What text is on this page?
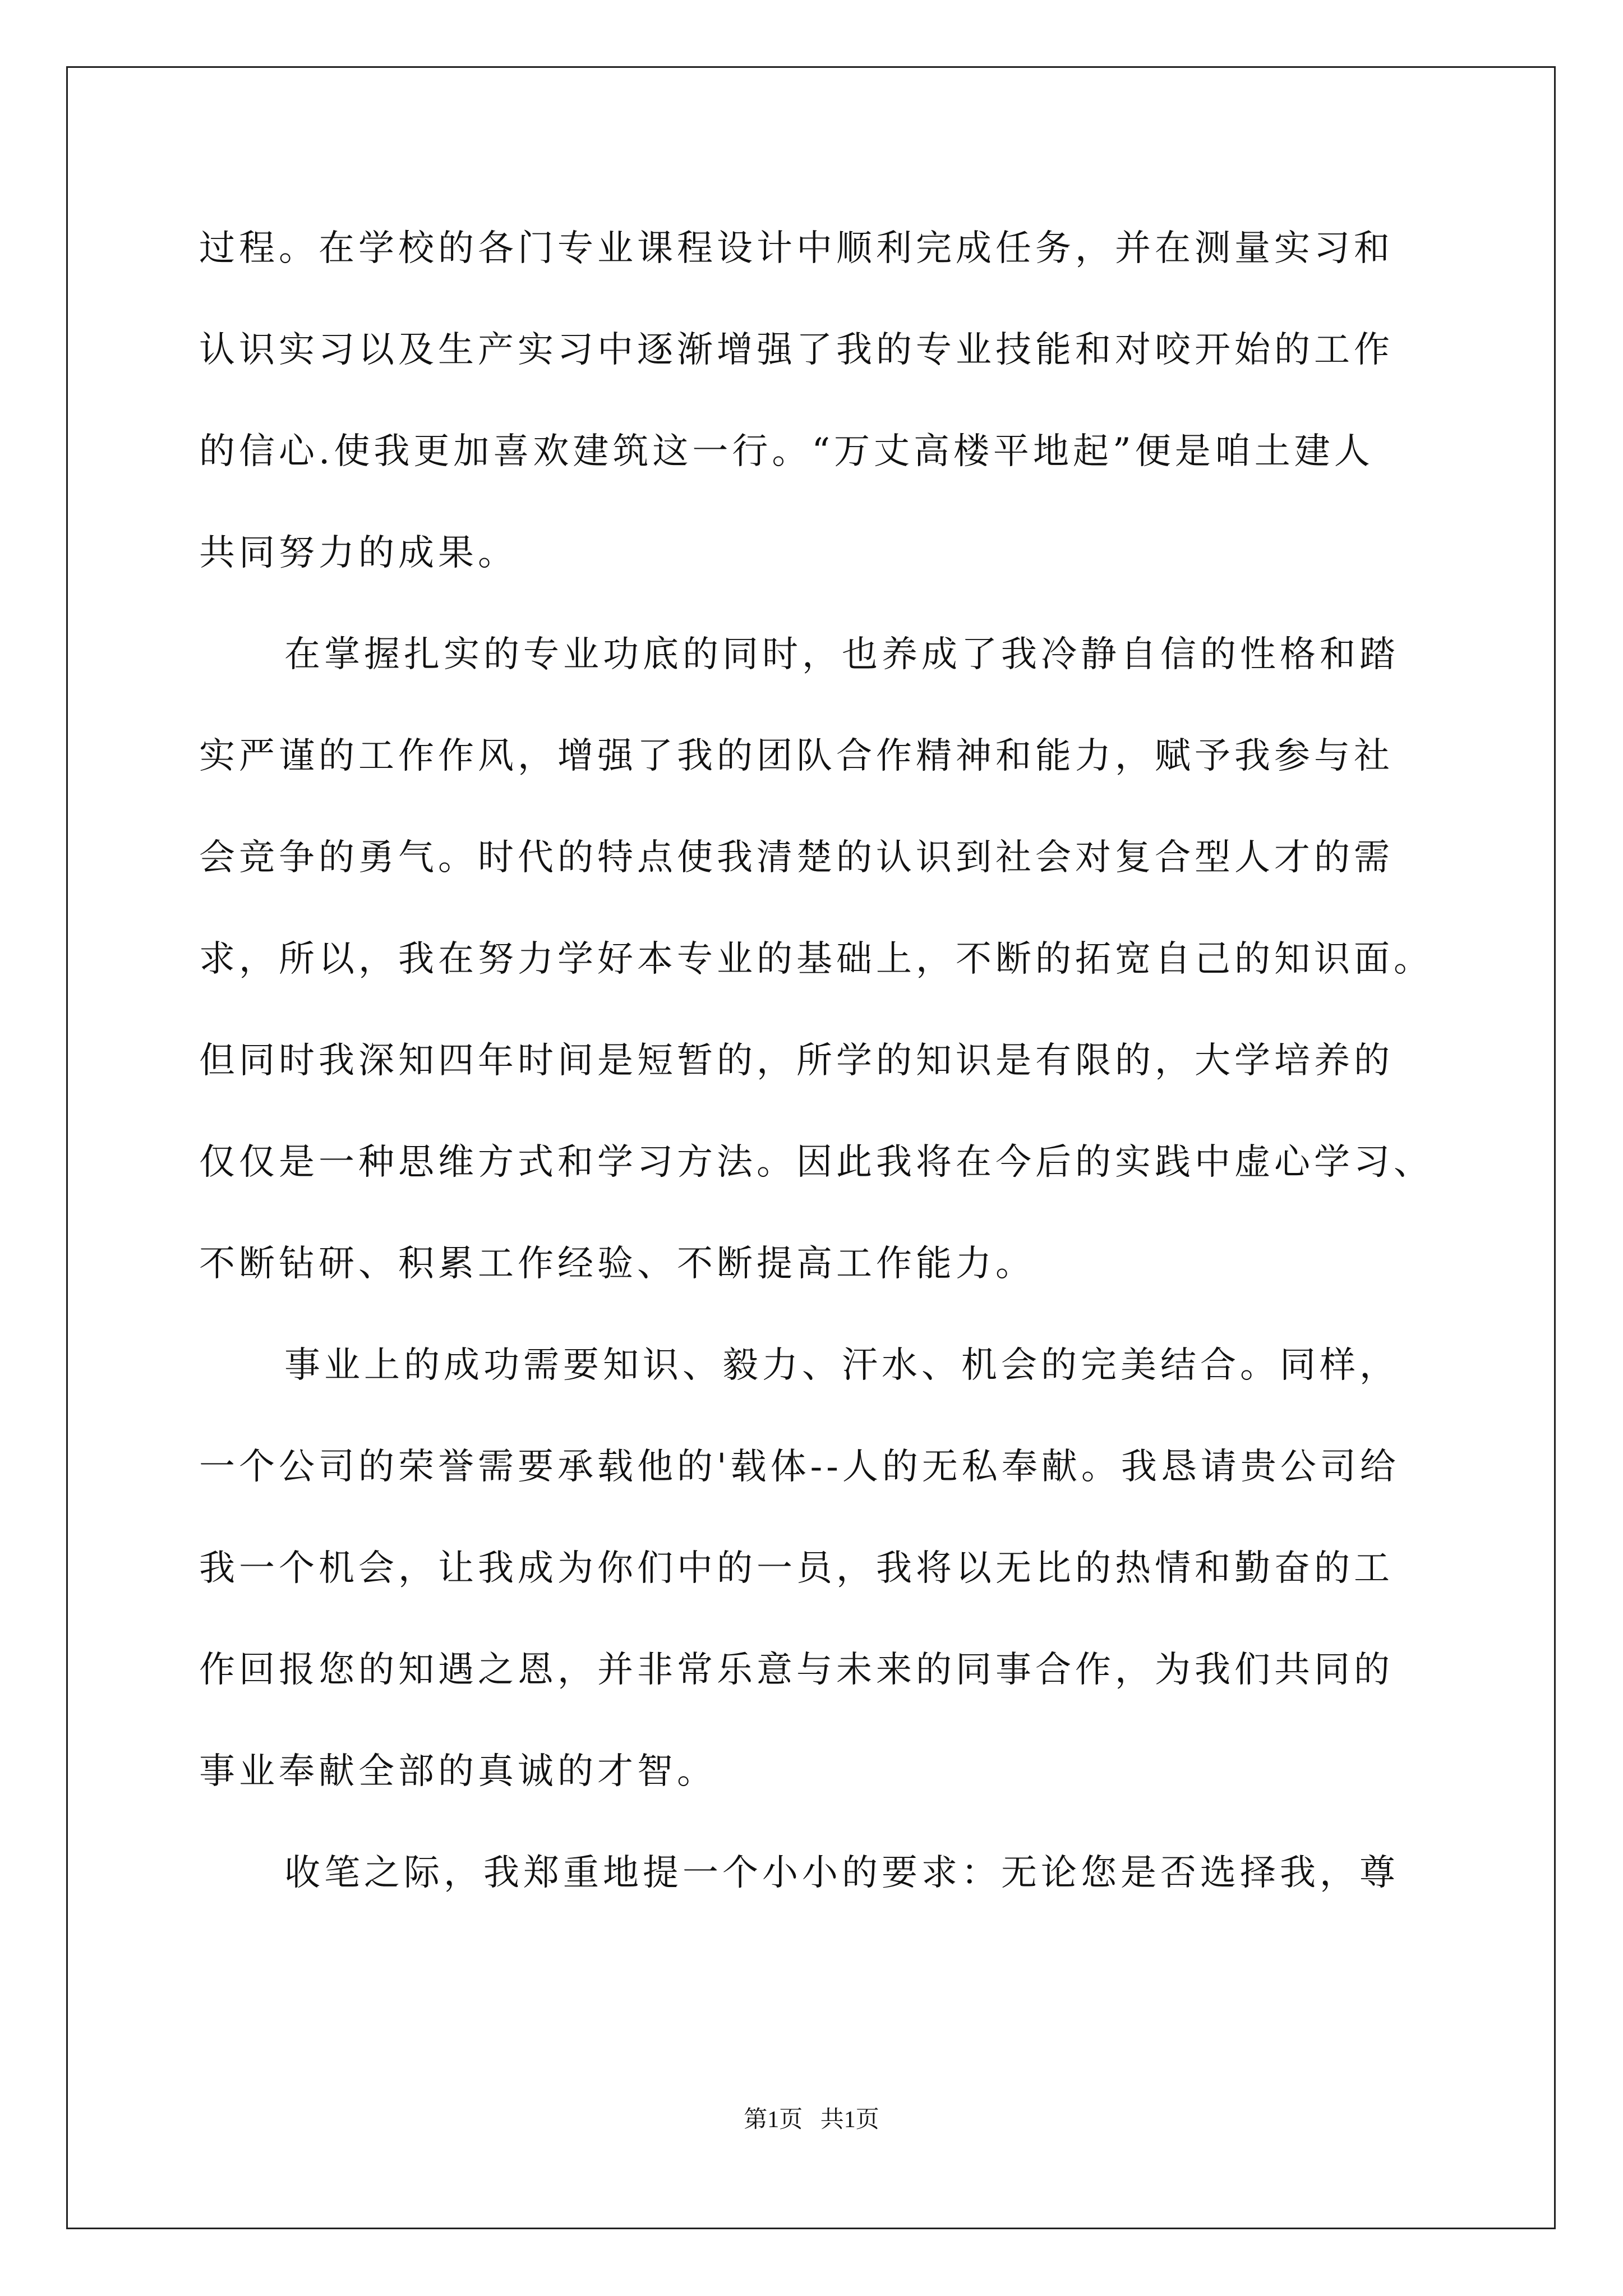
过程。在学校的各门专业课程设计中顺利完成任务，并在测量实习和
认识实习以及生产实习中逐渐增强了我的专业技能和对咬开始的工作
的信心.使我更加喜欢建筑这一行。“万丈高楼平地起”便是咱土建人
共同努力的成果。
在掌握扎实的专业功底的同时，也养成了我冷静自信的性格和踏
实严谨的工作作风，增强了我的团队合作精神和能力，赋予我参与社
会竞争的勇气。时代的特点使我清楚的认识到社会对复合型人才的需
求，所以，我在努力学好本专业的基础上，不断的拓宽自己的知识面。
但同时我深知四年时间是短暂的，所学的知识是有限的，大学培养的
仅仅是一种思维方式和学习方法。因此我将在今后的实践中虚心学习、
不断钻研、积累工作经验、不断提高工作能力。
事业上的成功需要知识、毅力、汗水、机会的完美结合。同样，
一个公司的荣誉需要承载他的'载体--人的无私奉献。我恳请贵公司给
我一个机会，让我成为你们中的一员，我将以无比的热情和勤奋的工
作回报您的知遇之恩，并非常乐意与未来的同事合作，为我们共同的
事业奉献全部的真诚的才智。
收笔之际，我郑重地提一个小小的要求：无论您是否选择我，尊
第1页   共1页
